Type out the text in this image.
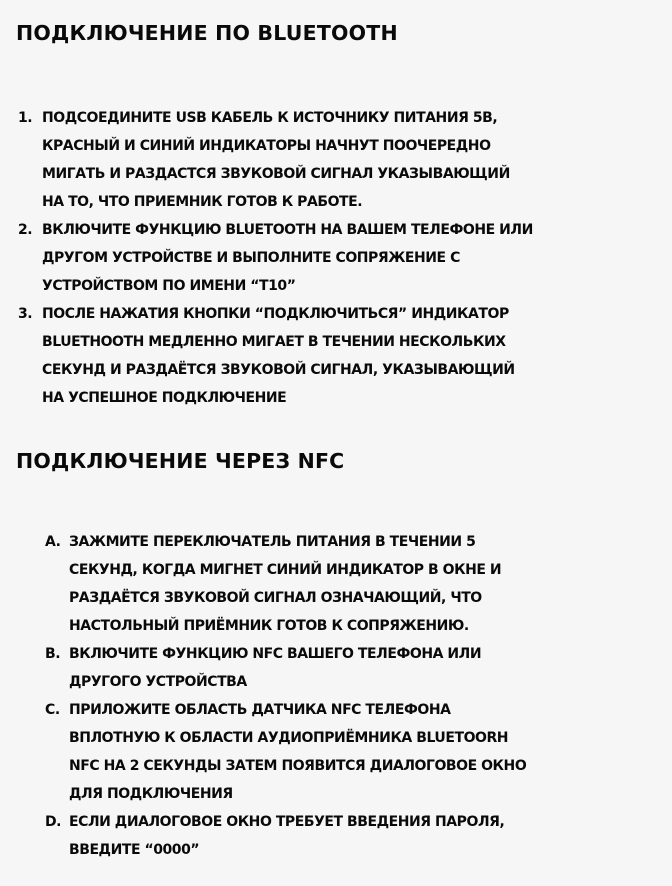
ПОДКЛЮЧЕНИЕ ПО BLUETOOTH
1. ПОДСОЕДИНИТЕ USB КАБЕЛЬ К ИСТОЧНИКУ ПИТАНИЯ 5В,
КРАСНЫЙ И СИНИЙ ИНДИКАТОРЫ НАЧНУТ ПООЧЕРЕДНО
МИГАТЬ И РАЗДАСТСЯ ЗВУКОВОЙ СИГНАЛ УКАЗЫВАЮЩИЙ
НА ТО, ЧТО ПРИЕМНИК ГОТОВ К РАБОТЕ.
2. ВКЛЮЧИТЕ ФУНКЦИЮ BLUETOOTH НА ВАШЕМ ТЕЛЕФОНЕ ИЛИ
ДРУГОМ УСТРОЙСТВЕ И ВЫПОЛНИТЕ СОПРЯЖЕНИЕ С
УСТРОЙСТВОМ ПО ИМЕНИ “T10”
3. ПОСЛЕ НАЖАТИЯ КНОПКИ “ПОДКЛЮЧИТЬСЯ” ИНДИКАТОР
BLUETHOOTH МЕДЛЕННО МИГАЕТ В ТЕЧЕНИИ НЕСКОЛЬКИХ
СЕКУНД И РАЗДАЁТСЯ ЗВУКОВОЙ СИГНАЛ, УКАЗЫВАЮЩИЙ
НА УСПЕШНОЕ ПОДКЛЮЧЕНИЕ
ПОДКЛЮЧЕНИЕ ЧЕРЕЗ NFC
A. ЗАЖМИТЕ ПЕРЕКЛЮЧАТЕЛЬ ПИТАНИЯ В ТЕЧЕНИИ 5
СЕКУНД, КОГДА МИГНЕТ СИНИЙ ИНДИКАТОР В ОКНЕ И
РАЗДАЁТСЯ ЗВУКОВОЙ СИГНАЛ ОЗНАЧАЮЩИЙ, ЧТО
НАСТОЛЬНЫЙ ПРИЁМНИК ГОТОВ К СОПРЯЖЕНИЮ.
B. ВКЛЮЧИТЕ ФУНКЦИЮ NFC ВАШЕГО ТЕЛЕФОНА ИЛИ
ДРУГОГО УСТРОЙСТВА
C. ПРИЛОЖИТЕ ОБЛАСТЬ ДАТЧИКА NFC ТЕЛЕФОНА
ВПЛОТНУЮ К ОБЛАСТИ АУДИОПРИЁМНИКА BLUETOORH
NFC НА 2 СЕКУНДЫ ЗАТЕМ ПОЯВИТСЯ ДИАЛОГОВОЕ ОКНО
ДЛЯ ПОДКЛЮЧЕНИЯ
D. ЕСЛИ ДИАЛОГОВОЕ ОКНО ТРЕБУЕТ ВВЕДЕНИЯ ПАРОЛЯ,
ВВЕДИТЕ “0000”
